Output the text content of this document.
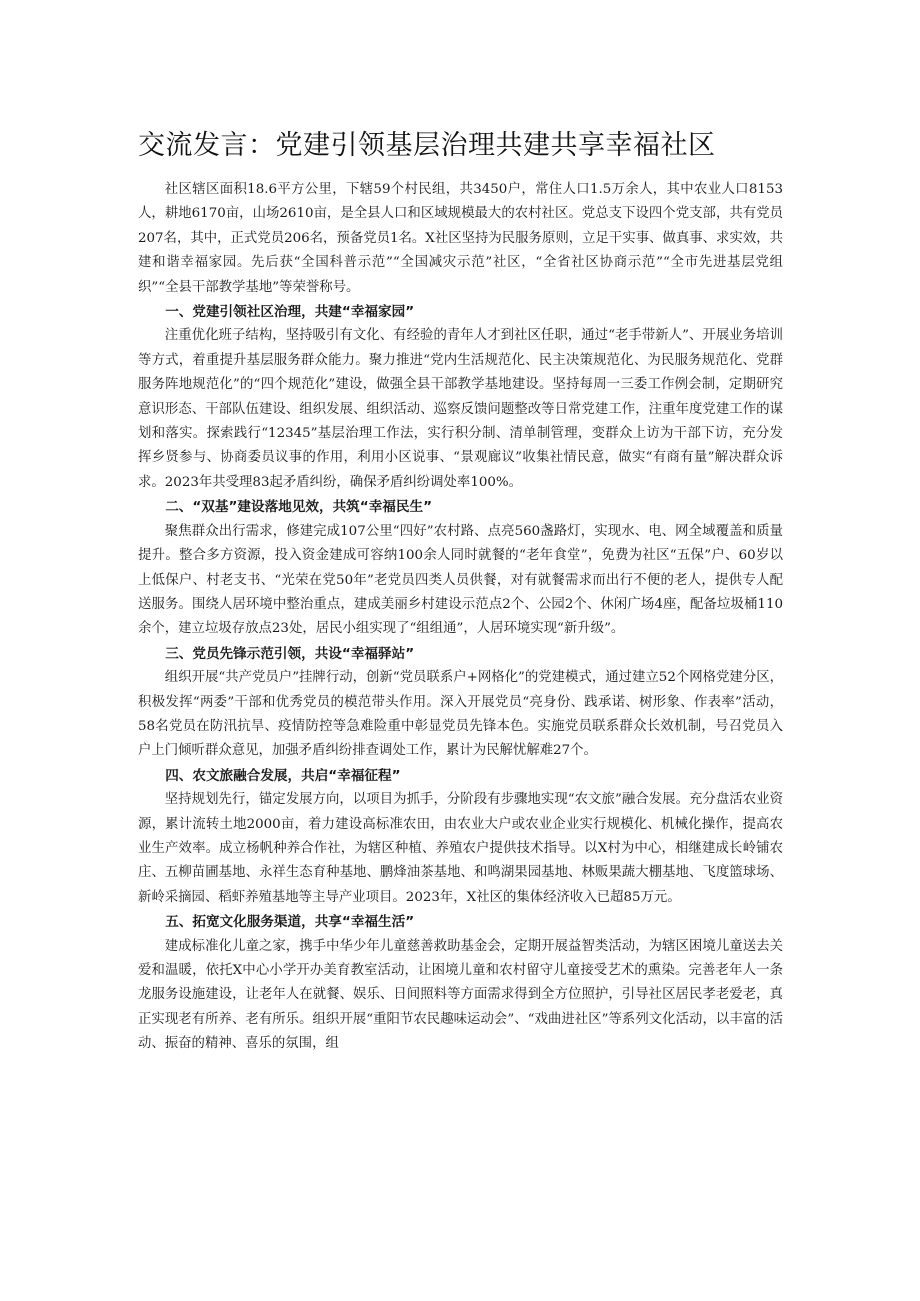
交流发言：党建引领基层治理共建共享幸福社区

社区辖区面积18.6平方公里，下辖59个村民组，共3450户，常住人口1.5万余人，其中农业人口8153人，耕地6170亩，山场2610亩，是全县人口和区域规模最大的农村社区。党总支下设四个党支部，共有党员207名，其中，正式党员206名，预备党员1名。X社区坚持为民服务原则，立足干实事、做真事、求实效，共建和谐幸福家园。先后获“全国科普示范”“全国减灾示范”社区，“全省社区协商示范”“全市先进基层党组织”“全县干部教学基地”等荣誉称号。

一、党建引领社区治理，共建“幸福家园”

注重优化班子结构，坚持吸引有文化、有经验的青年人才到社区任职，通过“老手带新人”、开展业务培训等方式，着重提升基层服务群众能力。聚力推进“党内生活规范化、民主决策规范化、为民服务规范化、党群服务阵地规范化”的“四个规范化”建设，做强全县干部教学基地建设。坚持每周一三委工作例会制，定期研究意识形态、干部队伍建设、组织发展、组织活动、巡察反馈问题整改等日常党建工作，注重年度党建工作的谋划和落实。探索践行“12345”基层治理工作法，实行积分制、清单制管理，变群众上访为干部下访，充分发挥乡贤参与、协商委员议事的作用，利用小区说事、“景观廊议”收集社情民意，做实“有商有量”解决群众诉求。2023年共受理83起矛盾纠纷，确保矛盾纠纷调处率100%。

二、“双基”建设落地见效，共筑“幸福民生”

聚焦群众出行需求，修建完成107公里“四好”农村路、点亮560盏路灯，实现水、电、网全域覆盖和质量提升。整合多方资源，投入资金建成可容纳100余人同时就餐的“老年食堂”，免费为社区“五保”户、60岁以上低保户、村老支书、“光荣在党50年”老党员四类人员供餐，对有就餐需求而出行不便的老人，提供专人配送服务。围绕人居环境中整治重点，建成美丽乡村建设示范点2个、公园2个、休闲广场4座，配备垃圾桶110余个，建立垃圾存放点23处，居民小组实现了“组组通”，人居环境实现“新升级”。

三、党员先锋示范引领，共设“幸福驿站”

组织开展“共产党员户”挂牌行动，创新“党员联系户+网格化”的党建模式，通过建立52个网格党建分区，积极发挥“两委”干部和优秀党员的模范带头作用。深入开展党员“亮身份、践承诺、树形象、作表率”活动，58名党员在防汛抗旱、疫情防控等急难险重中彰显党员先锋本色。实施党员联系群众长效机制，号召党员入户上门倾听群众意见，加强矛盾纠纷排查调处工作，累计为民解忧解难27个。

四、农文旅融合发展，共启“幸福征程”

坚持规划先行，锚定发展方向，以项目为抓手，分阶段有步骤地实现“农文旅”融合发展。充分盘活农业资源，累计流转土地2000亩，着力建设高标准农田，由农业大户或农业企业实行规模化、机械化操作，提高农业生产效率。成立杨帆种养合作社，为辖区种植、养殖农户提供技术指导。以X村为中心，相继建成长岭铺农庄、五柳苗圃基地、永祥生态育种基地、鹏烽油茶基地、和鸣湖果园基地、林贩果蔬大棚基地、飞度篮球场、新岭采摘园、稻虾养殖基地等主导产业项目。2023年，X社区的集体经济收入已超85万元。

五、拓宽文化服务渠道，共享“幸福生活”

建成标准化儿童之家，携手中华少年儿童慈善救助基金会，定期开展益智类活动，为辖区困境儿童送去关爱和温暖，依托X中心小学开办美育教室活动，让困境儿童和农村留守儿童接受艺术的熏染。完善老年人一条龙服务设施建设，让老年人在就餐、娱乐、日间照料等方面需求得到全方位照护，引导社区居民孝老爱老，真正实现老有所养、老有所乐。组织开展“重阳节农民趣味运动会”、“戏曲进社区”等系列文化活动，以丰富的活动、振奋的精神、喜乐的氛围，组
